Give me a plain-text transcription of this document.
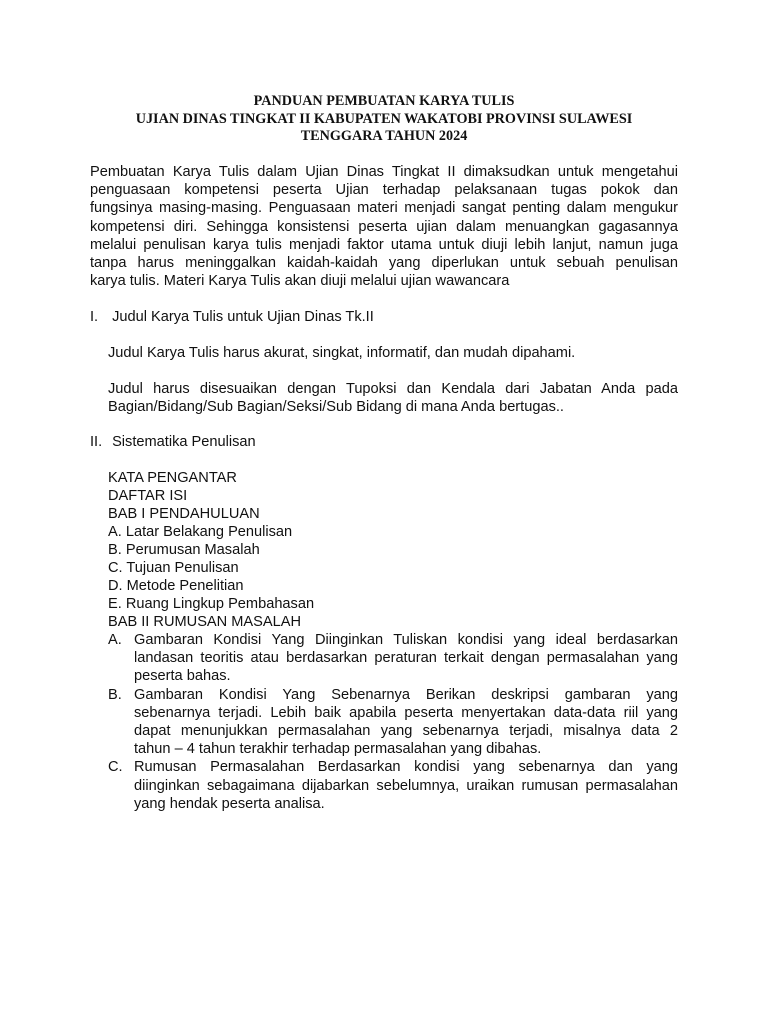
PANDUAN PEMBUATAN KARYA TULIS
UJIAN DINAS TINGKAT II KABUPATEN WAKATOBI PROVINSI SULAWESI
TENGGARA TAHUN 2024

Pembuatan Karya Tulis dalam Ujian Dinas Tingkat II dimaksudkan untuk mengetahui
penguasaan kompetensi peserta Ujian terhadap pelaksanaan tugas pokok dan
fungsinya masing-masing. Penguasaan materi menjadi sangat penting dalam mengukur
kompetensi diri. Sehingga konsistensi peserta ujian dalam menuangkan gagasannya
melalui penulisan karya tulis menjadi faktor utama untuk diuji lebih lanjut, namun juga
tanpa harus meninggalkan kaidah-kaidah yang diperlukan untuk sebuah penulisan
karya tulis. Materi Karya Tulis akan diuji melalui ujian wawancara

I. Judul Karya Tulis untuk Ujian Dinas Tk.II

Judul Karya Tulis harus akurat, singkat, informatif, dan mudah dipahami.

Judul harus disesuaikan dengan Tupoksi dan Kendala dari Jabatan Anda pada
Bagian/Bidang/Sub Bagian/Seksi/Sub Bidang di mana Anda bertugas..

II. Sistematika Penulisan
KATA PENGANTAR
DAFTAR ISI
BAB I PENDAHULUAN
A. Latar Belakang Penulisan
B. Perumusan Masalah
C. Tujuan Penulisan
D. Metode Penelitian
E. Ruang Lingkup Pembahasan
BAB II RUMUSAN MASALAH
A. Gambaran Kondisi Yang Diinginkan Tuliskan kondisi yang ideal berdasarkan
landasan teoritis atau berdasarkan peraturan terkait dengan permasalahan yang
peserta bahas.
B. Gambaran Kondisi Yang Sebenarnya Berikan deskripsi gambaran yang
sebenarnya terjadi. Lebih baik apabila peserta menyertakan data-data riil yang
dapat menunjukkan permasalahan yang sebenarnya terjadi, misalnya data 2
tahun – 4 tahun terakhir terhadap permasalahan yang dibahas.
C. Rumusan Permasalahan Berdasarkan kondisi yang sebenarnya dan yang
diinginkan sebagaimana dijabarkan sebelumnya, uraikan rumusan permasalahan
yang hendak peserta analisa.
